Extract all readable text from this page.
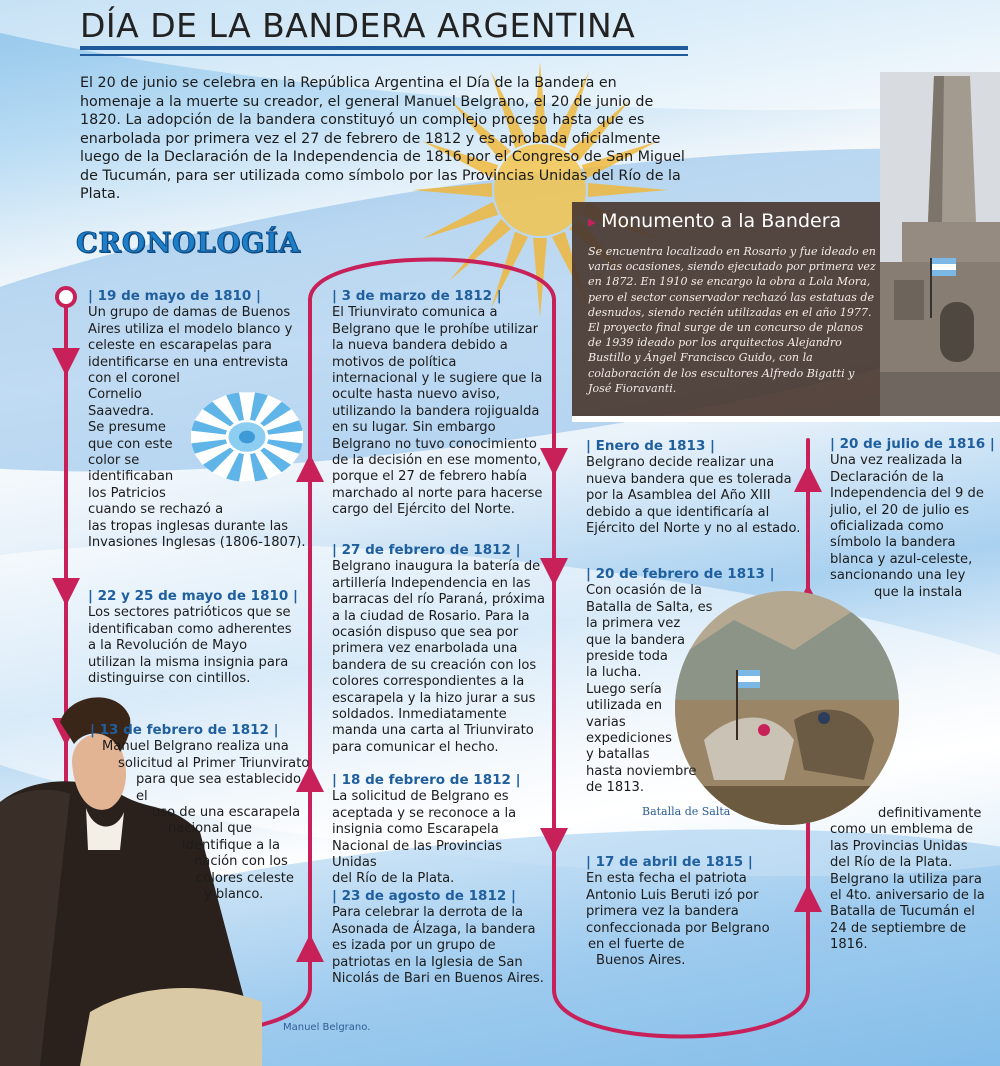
DÍA DE LA BANDERA ARGENTINA
El 20 de junio se celebra en la República Argentina el Día de la Bandera en homenaje a la muerte su creador, el general Manuel Belgrano, el 20 de junio de 1820. La adopción de la bandera constituyó un complejo proceso hasta que es enarbolada por primera vez el 27 de febrero de 1812 y es aprobada oficialmente luego de la Declaración de la Independencia de 1816 por el Congreso de San Miguel de Tucumán, para ser utilizada como símbolo por las Provincias Unidas del Río de la Plata.
CRONOLOGÍA
▸ Monumento a la Bandera
Se encuentra localizado en Rosario y fue ideado en varias ocasiones, siendo ejecutado por primera vez en 1872. En 1910 se encargo la obra a Lola Mora, pero el sector conservador rechazó las estatuas de desnudos, siendo recién utilizadas en el año 1977. El proyecto final surge de un concurso de planos de 1939 ideado por los arquitectos Alejandro Bustillo y Ángel Francisco Guido, con la colaboración de los escultores Alfredo Bigatti y José Fioravanti.
Manuel Belgrano.
Batalla de Salta
| 19 de mayo de 1810 |

Un grupo de damas de Buenos

Aires utiliza el modelo blanco y

celeste en escarapelas para

identificarse en una entrevista

con el coronel

Cornelio

Saavedra.

Se presume

que con este

color se

identificaban

los Patricios

cuando se rechazó a

las tropas inglesas durante las

Invasiones Inglesas (1806-1807).

| 22 y 25 de mayo de 1810 |

Los sectores patrióticos que se

identificaban como adherentes

a la Revolución de Mayo

utilizan la misma insignia para

distinguirse con cintillos.

| 13 de febrero de 1812 |

Manuel Belgrano realiza una

solicitud al Primer Triunvirato

para que sea establecido el

uso de una escarapela

nacional que

identifique a la

nación con los

colores celeste

y blanco.

| 3 de marzo de 1812 |

El Triunvirato comunica a

Belgrano que le prohíbe utilizar

la nueva bandera debido a

motivos de política

internacional y le sugiere que la

oculte hasta nuevo aviso,

utilizando la bandera rojigualda

en su lugar. Sin embargo

Belgrano no tuvo conocimiento

de la decisión en ese momento,

porque el 27 de febrero había

marchado al norte para hacerse

cargo del Ejército del Norte.

| 27 de febrero de 1812 |

Belgrano inaugura la batería de

artillería Independencia en las

barracas del río Paraná, próxima

a la ciudad de Rosario. Para la

ocasión dispuso que sea por

primera vez enarbolada una

bandera de su creación con los

colores correspondientes a la

escarapela y la hizo jurar a sus

soldados. Inmediatamente

manda una carta al Triunvirato

para comunicar el hecho.

| 18 de febrero de 1812 |

La solicitud de Belgrano es

aceptada y se reconoce a la

insignia como Escarapela

Nacional de las Provincias Unidas

del Río de la Plata.

| 23 de agosto de 1812 |

Para celebrar la derrota de la

Asonada de Álzaga, la bandera

es izada por un grupo de

patriotas en la Iglesia de San

Nicolás de Bari en Buenos Aires.

| Enero de 1813 |

Belgrano decide realizar una

nueva bandera que es tolerada

por la Asamblea del Año XIII

debido a que identificaría al

Ejército del Norte y no al estado.

| 20 de febrero de 1813 |

Con ocasión de la

Batalla de Salta, es

la primera vez

que la bandera

preside toda

la lucha.

Luego sería

utilizada en

varias

expediciones

y batallas

hasta noviembre

de 1813.

| 17 de abril de 1815 |

En esta fecha el patriota

Antonio Luis Beruti izó por

primera vez la bandera

confeccionada por Belgrano

en el fuerte de

Buenos Aires.

| 20 de julio de 1816 |

Una vez realizada la

Declaración de la

Independencia del 9 de

julio, el 20 de julio es

oficializada como

símbolo la bandera

blanca y azul-celeste,

sancionando una ley

que la instala

definitivamente

como un emblema de

las Provincias Unidas

del Río de la Plata.

Belgrano la utiliza para

el 4to. aniversario de la

Batalla de Tucumán el

24 de septiembre de

1816.
